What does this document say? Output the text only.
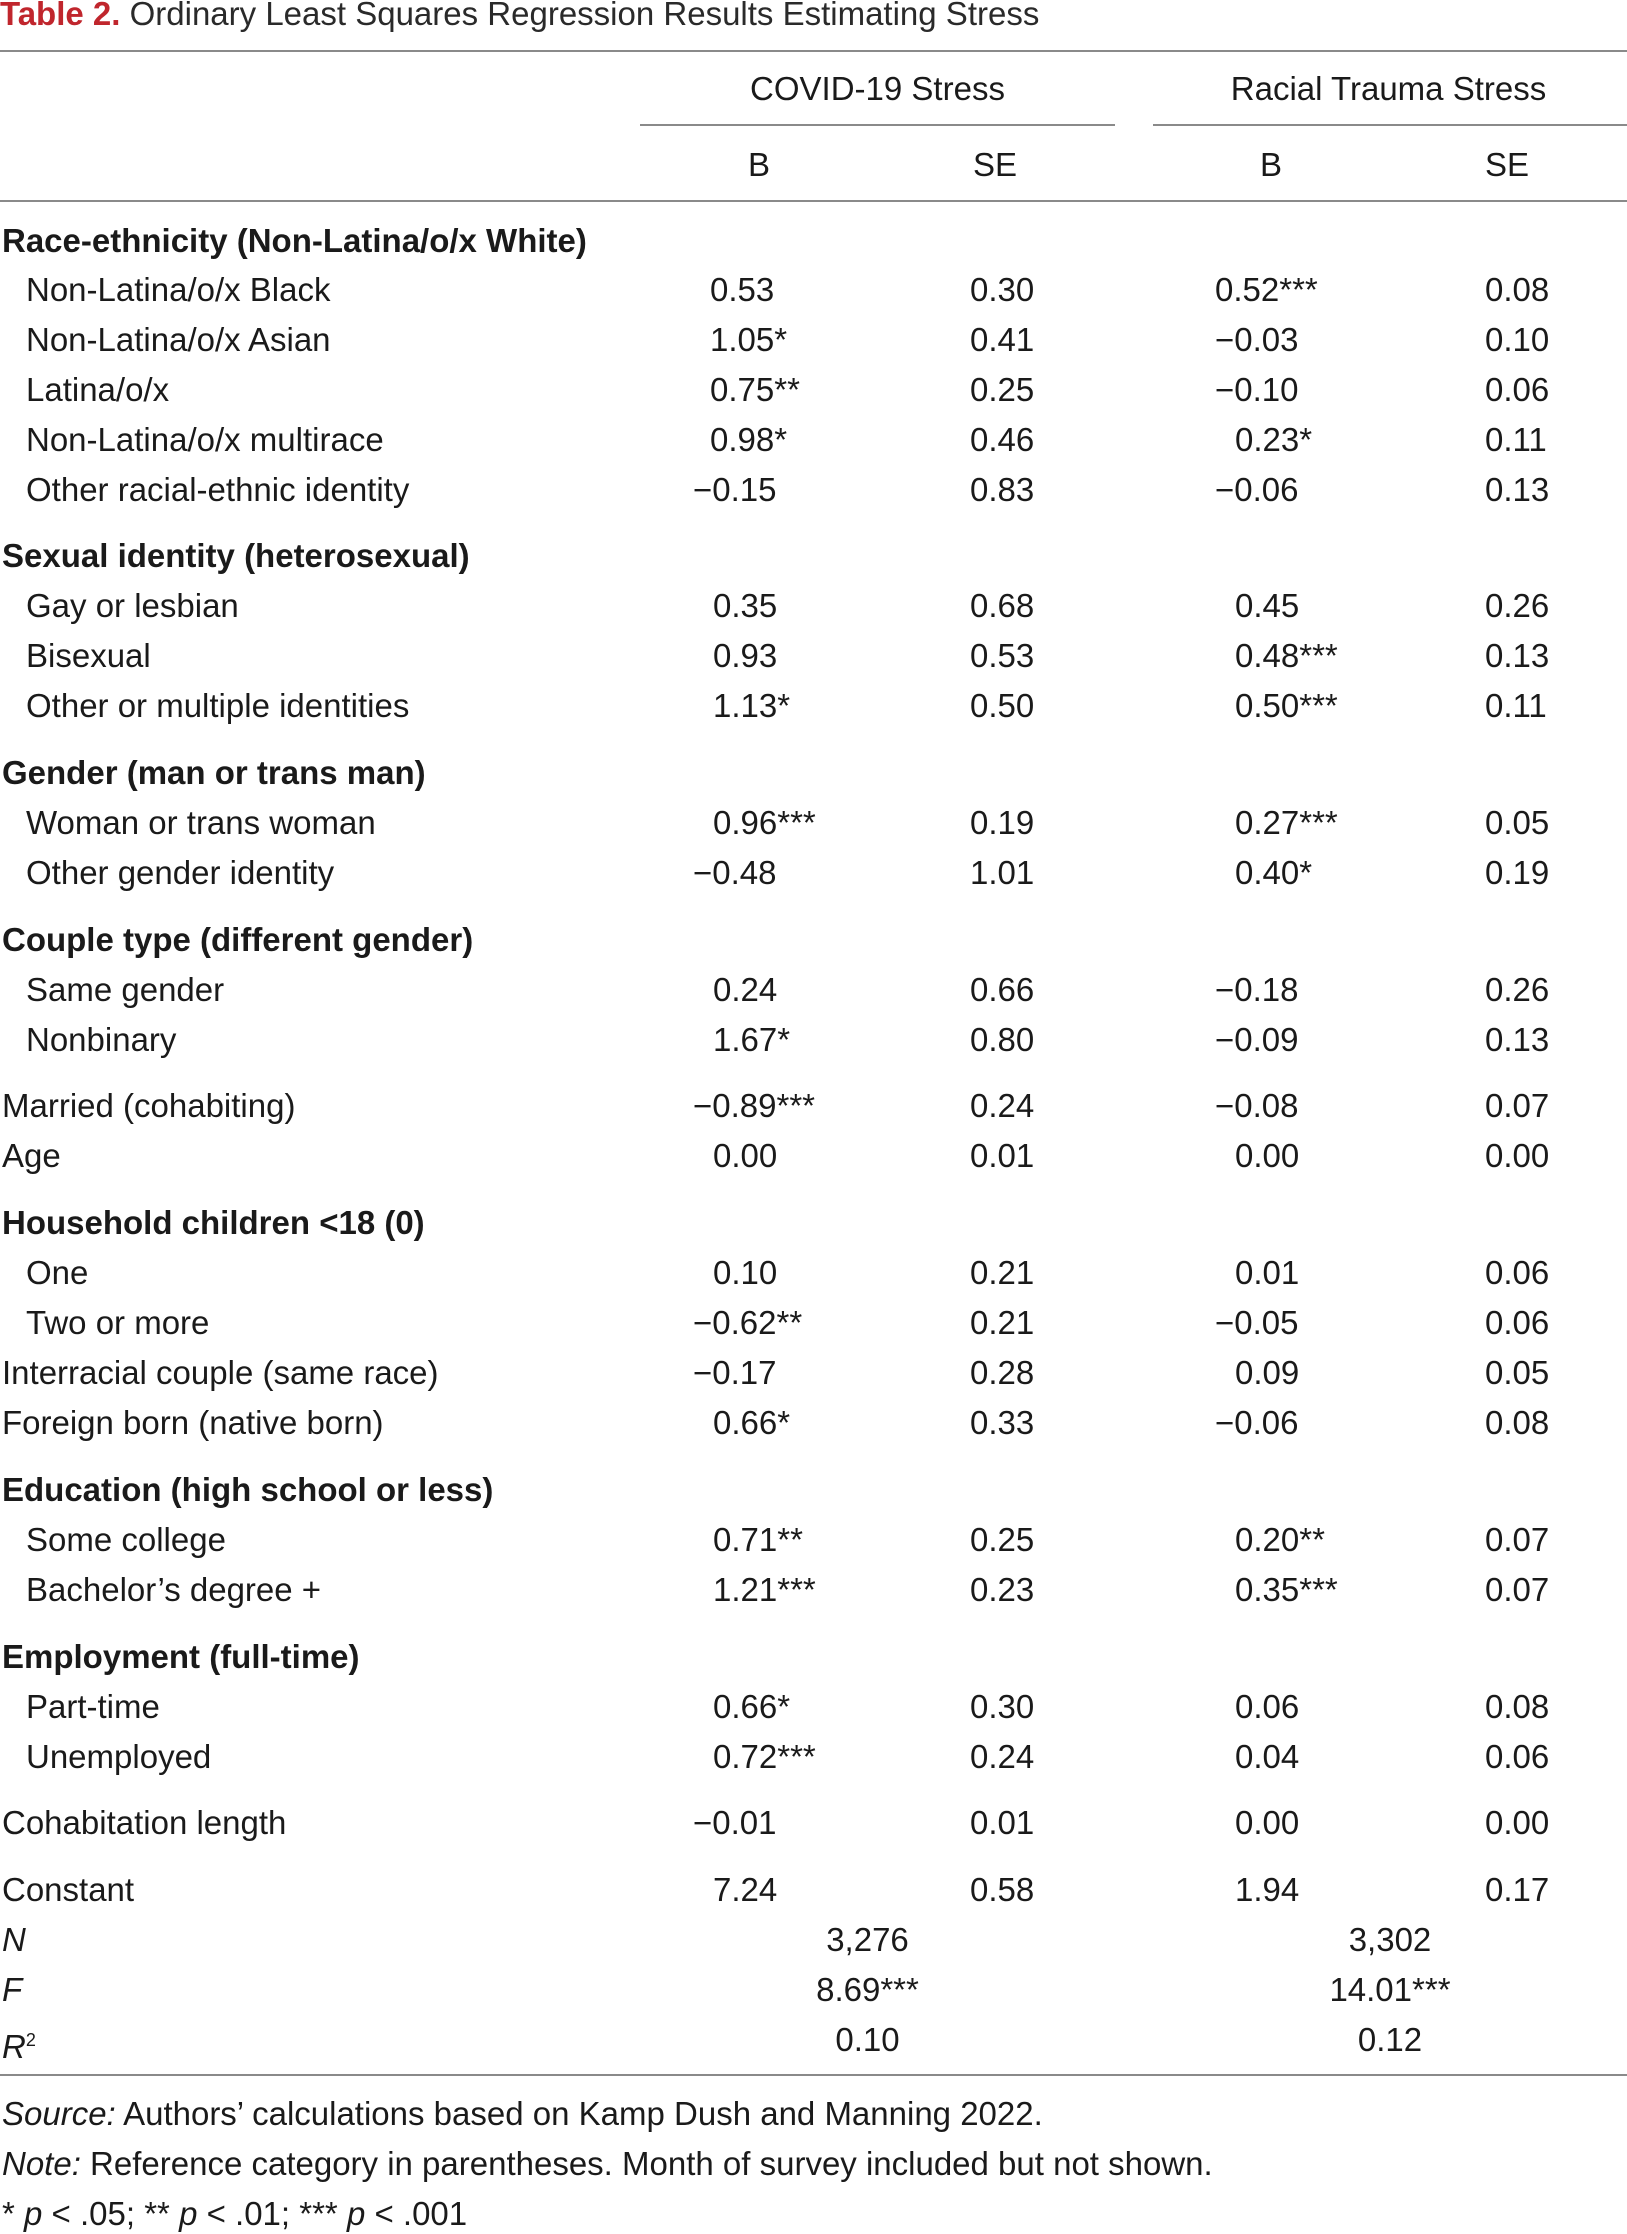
Table 2. Ordinary Least Squares Regression Results Estimating Stress
COVID-19 Stress	Racial Trauma Stress
B	SE	B	SE
Race-ethnicity (Non-Latina/o/x White)
Non-Latina/o/x Black	0.53	0.30	0.52***	0.08
Non-Latina/o/x Asian	1.05*	0.41	−0.03	0.10
Latina/o/x	0.75**	0.25	−0.10	0.06
Non-Latina/o/x multirace	0.98*	0.46	0.23*	0.11
Other racial-ethnic identity	−0.15	0.83	−0.06	0.13
Sexual identity (heterosexual)
Gay or lesbian	0.35	0.68	0.45	0.26
Bisexual	0.93	0.53	0.48***	0.13
Other or multiple identities	1.13*	0.50	0.50***	0.11
Gender (man or trans man)
Woman or trans woman	0.96***	0.19	0.27***	0.05
Other gender identity	−0.48	1.01	0.40*	0.19
Couple type (different gender)
Same gender	0.24	0.66	−0.18	0.26
Nonbinary	1.67*	0.80	−0.09	0.13
Married (cohabiting)	−0.89***	0.24	−0.08	0.07
Age	0.00	0.01	0.00	0.00
Household children <18 (0)
One	0.10	0.21	0.01	0.06
Two or more	−0.62**	0.21	−0.05	0.06
Interracial couple (same race)	−0.17	0.28	0.09	0.05
Foreign born (native born)	0.66*	0.33	−0.06	0.08
Education (high school or less)
Some college	0.71**	0.25	0.20**	0.07
Bachelor’s degree +	1.21***	0.23	0.35***	0.07
Employment (full-time)
Part-time	0.66*	0.30	0.06	0.08
Unemployed	0.72***	0.24	0.04	0.06
Cohabitation length	−0.01	0.01	0.00	0.00
Constant	7.24	0.58	1.94	0.17
N	3,276	3,302
F	8.69***	14.01***
$R^2$	0.10	0.12
Source: Authors’ calculations based on Kamp Dush and Manning 2022.
Note: Reference category in parentheses. Month of survey included but not shown.
* p < .05; ** p < .01; *** p < .001
